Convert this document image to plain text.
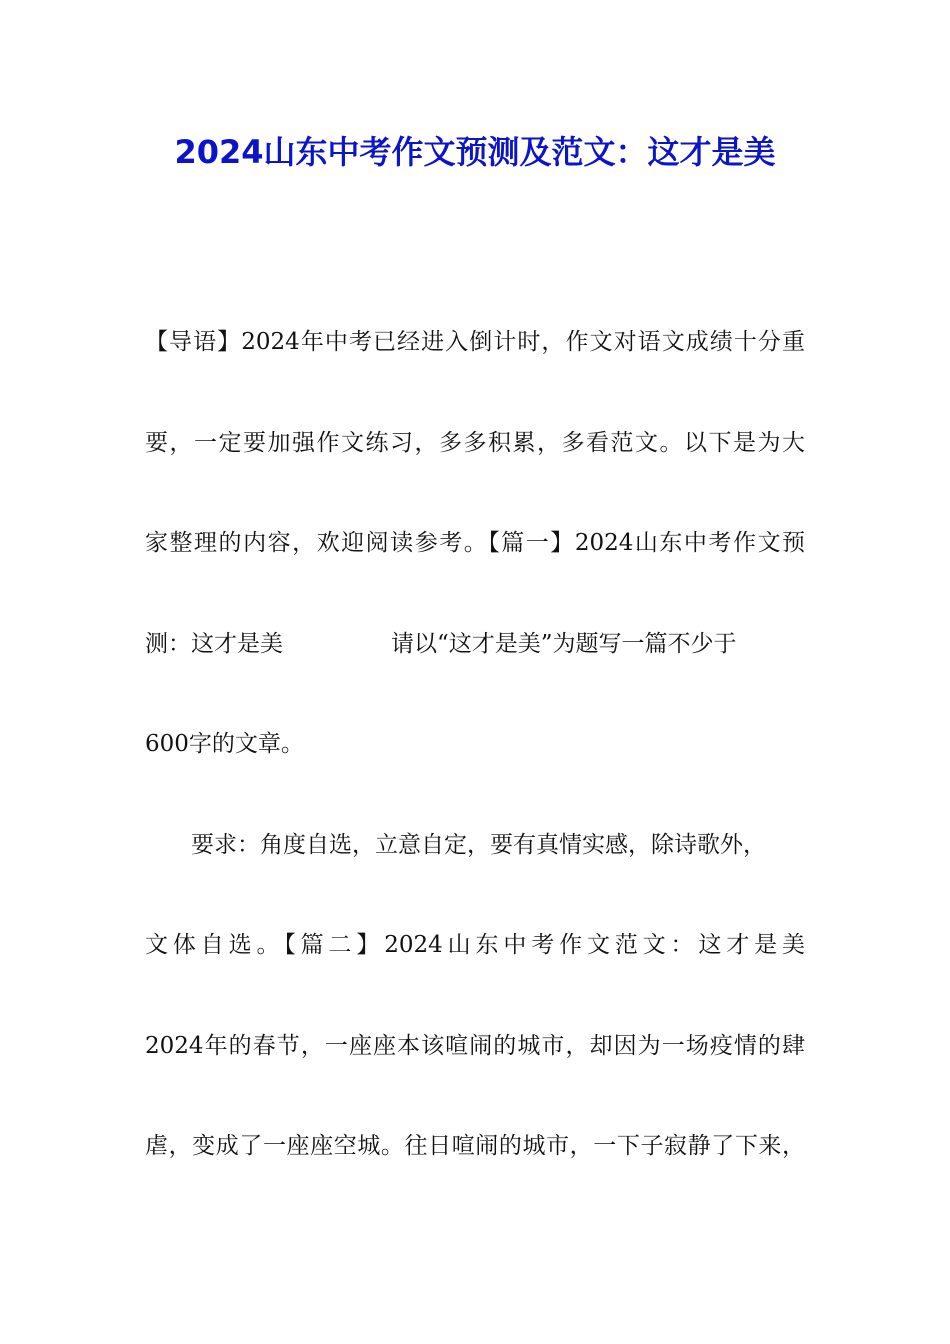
2024山东中考作文预测及范文：这才是美
【导语】2024年中考已经进入倒计时，作文对语文成绩十分重
要，一定要加强作文练习，多多积累，多看范文。以下是为大
家整理的内容，欢迎阅读参考。【篇一】2024山东中考作文预
测：这才是美	请以“这才是美”为题写一篇不少于
600字的文章。
要求：角度自选，立意自定，要有真情实感，除诗歌外，
文体自选。【篇二】2024山东中考作文范文：这才是美
2024年的春节，一座座本该喧闹的城市，却因为一场疫情的肆
虐，变成了一座座空城。往日喧闹的城市，一下子寂静了下来，
